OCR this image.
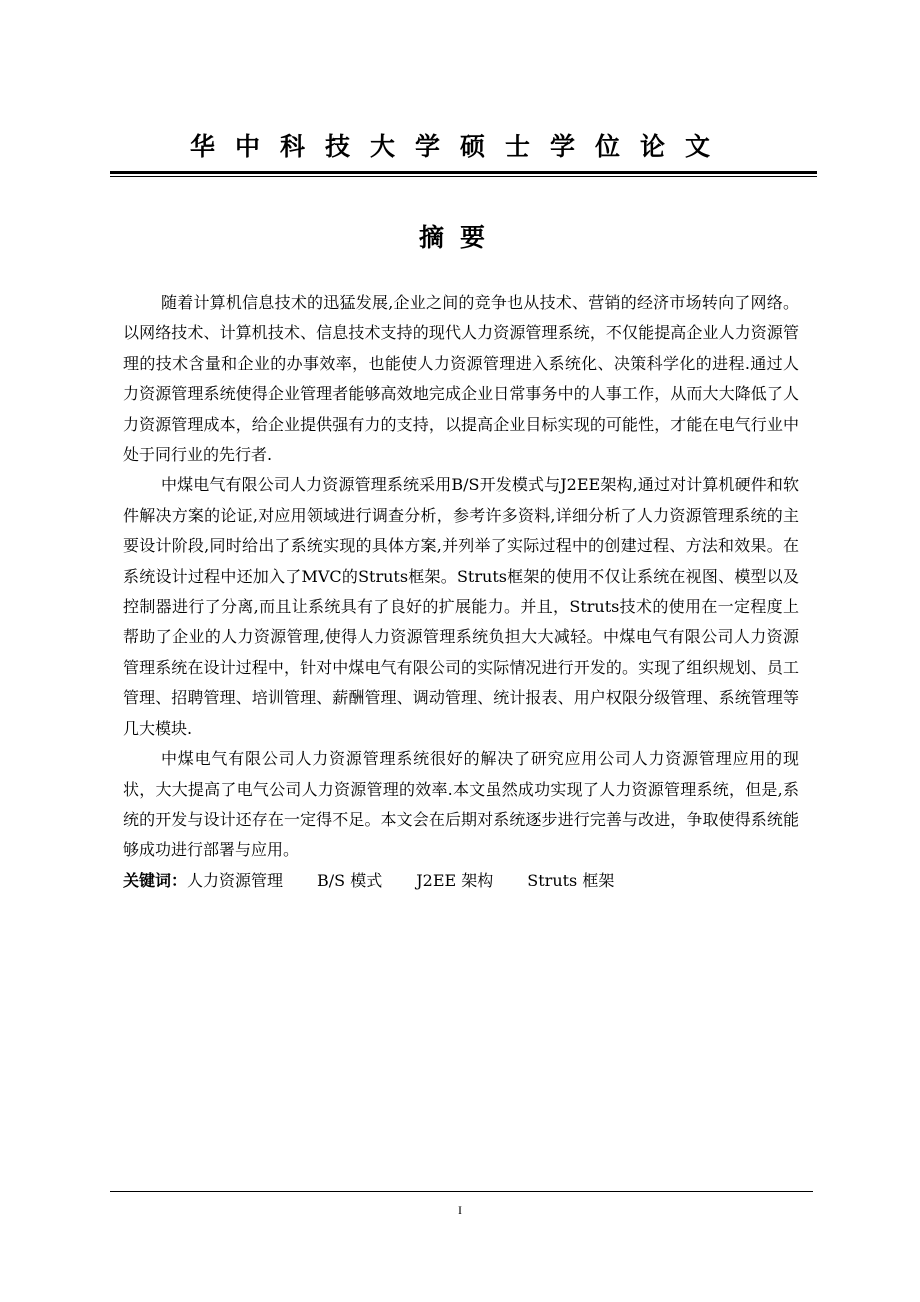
华中科技大学硕士学位论文
摘要

随着计算机信息技术的迅猛发展,企业之间的竞争也从技术、营销的经济市场转向了网络。以网络技术、计算机技术、信息技术支持的现代人力资源管理系统，不仅能提高企业人力资源管理的技术含量和企业的办事效率，也能使人力资源管理进入系统化、决策科学化的进程.通过人力资源管理系统使得企业管理者能够高效地完成企业日常事务中的人事工作，从而大大降低了人力资源管理成本，给企业提供强有力的支持，以提高企业目标实现的可能性，才能在电气行业中处于同行业的先行者.

中煤电气有限公司人力资源管理系统采用B/S开发模式与J2EE架构,通过对计算机硬件和软件解决方案的论证,对应用领域进行调查分析，参考许多资料,详细分析了人力资源管理系统的主要设计阶段,同时给出了系统实现的具体方案,并列举了实际过程中的创建过程、方法和效果。在系统设计过程中还加入了MVC的Struts框架。Struts框架的使用不仅让系统在视图、模型以及控制器进行了分离,而且让系统具有了良好的扩展能力。并且，Struts技术的使用在一定程度上帮助了企业的人力资源管理,使得人力资源管理系统负担大大减轻。中煤电气有限公司人力资源管理系统在设计过程中，针对中煤电气有限公司的实际情况进行开发的。实现了组织规划、员工管理、招聘管理、培训管理、薪酬管理、调动管理、统计报表、用户权限分级管理、系统管理等几大模块.

中煤电气有限公司人力资源管理系统很好的解决了研究应用公司人力资源管理应用的现状，大大提高了电气公司人力资源管理的效率.本文虽然成功实现了人力资源管理系统，但是,系统的开发与设计还存在一定得不足。本文会在后期对系统逐步进行完善与改进，争取使得系统能够成功进行部署与应用。

关键词：人力资源管理 B/S 模式 J2EE 架构 Struts 框架

I
